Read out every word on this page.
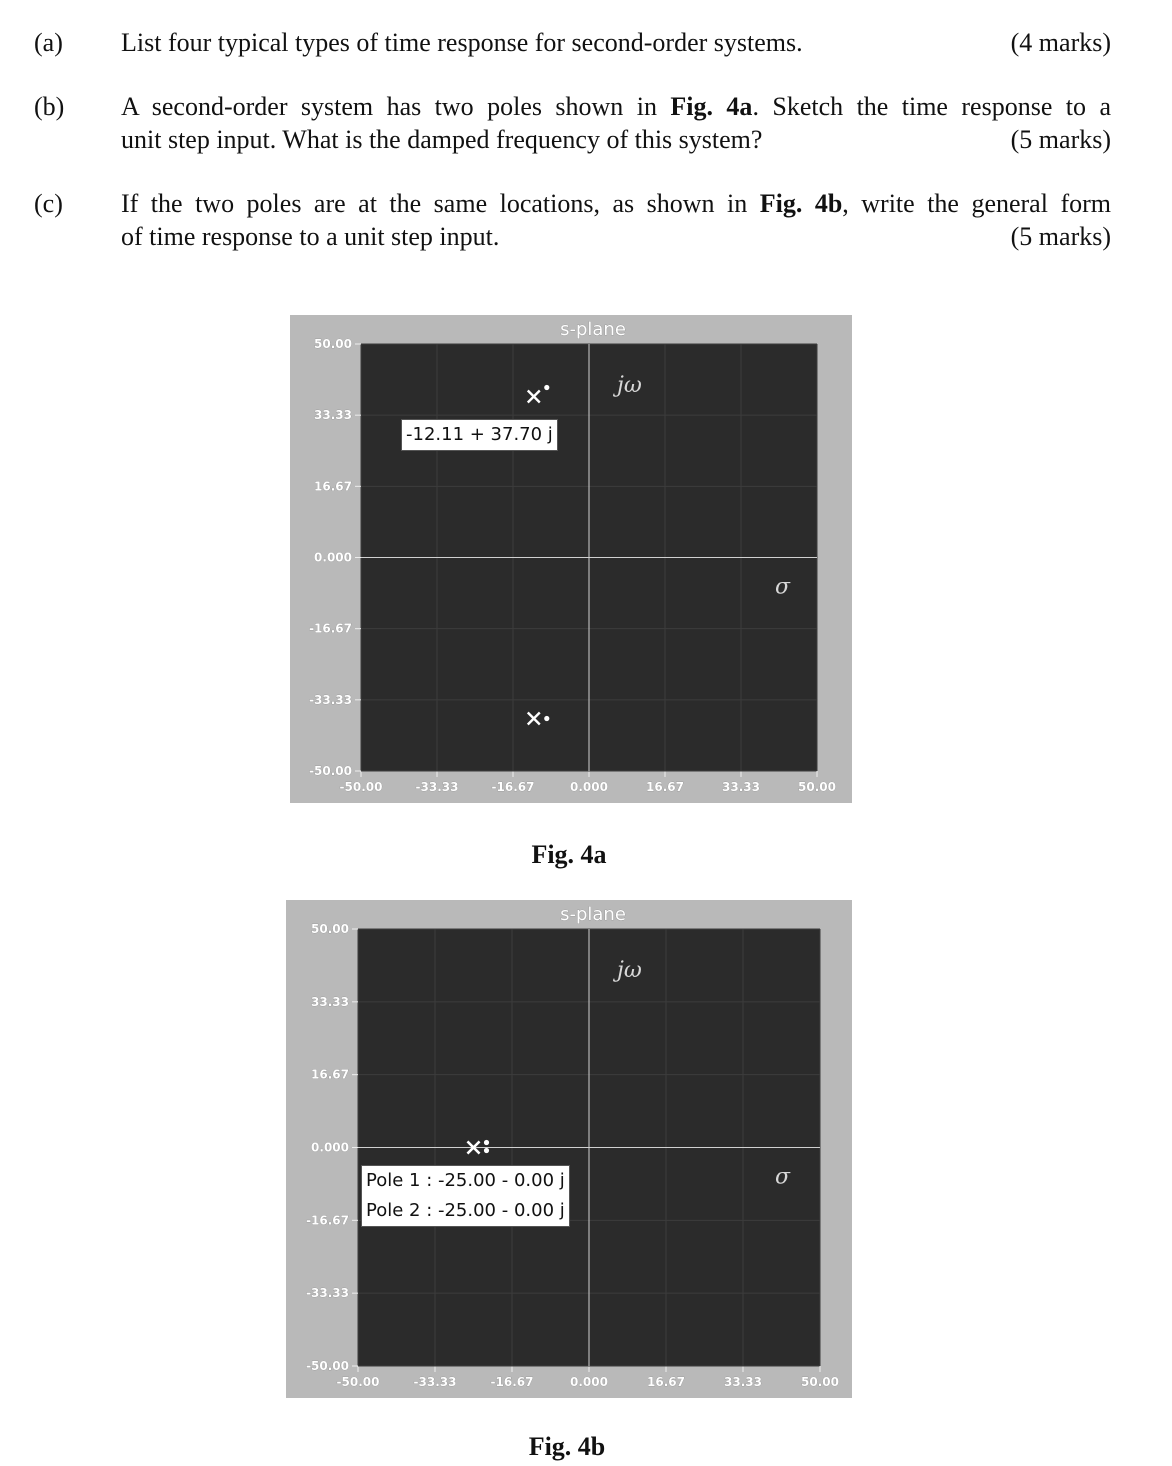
(a) List four typical types of time response for second-order systems.	(4 marks)
(b) A second-order system has two poles shown in Fig. 4a. Sketch the time response to a
unit step input. What is the damped frequency of this system?	(5 marks)
(c) If the two poles are at the same locations, as shown in Fig. 4b, write the general form
of time response to a unit step input.	(5 marks)
-50.00
50.00
-33.33
33.33
-16.67
16.67
0.000
0.000
16.67
-16.67
33.33
-33.33
50.00
-50.00
s-plane
jω
σ
-12.11 + 37.70 j
Fig. 4a
-50.00
50.00
-33.33
33.33
-16.67
16.67
0.000
0.000
16.67
-16.67
33.33
-33.33
50.00
-50.00
s-plane
jω
σ
Pole 1 : -25.00 - 0.00 j
Pole 2 : -25.00 - 0.00 j
Fig. 4b
